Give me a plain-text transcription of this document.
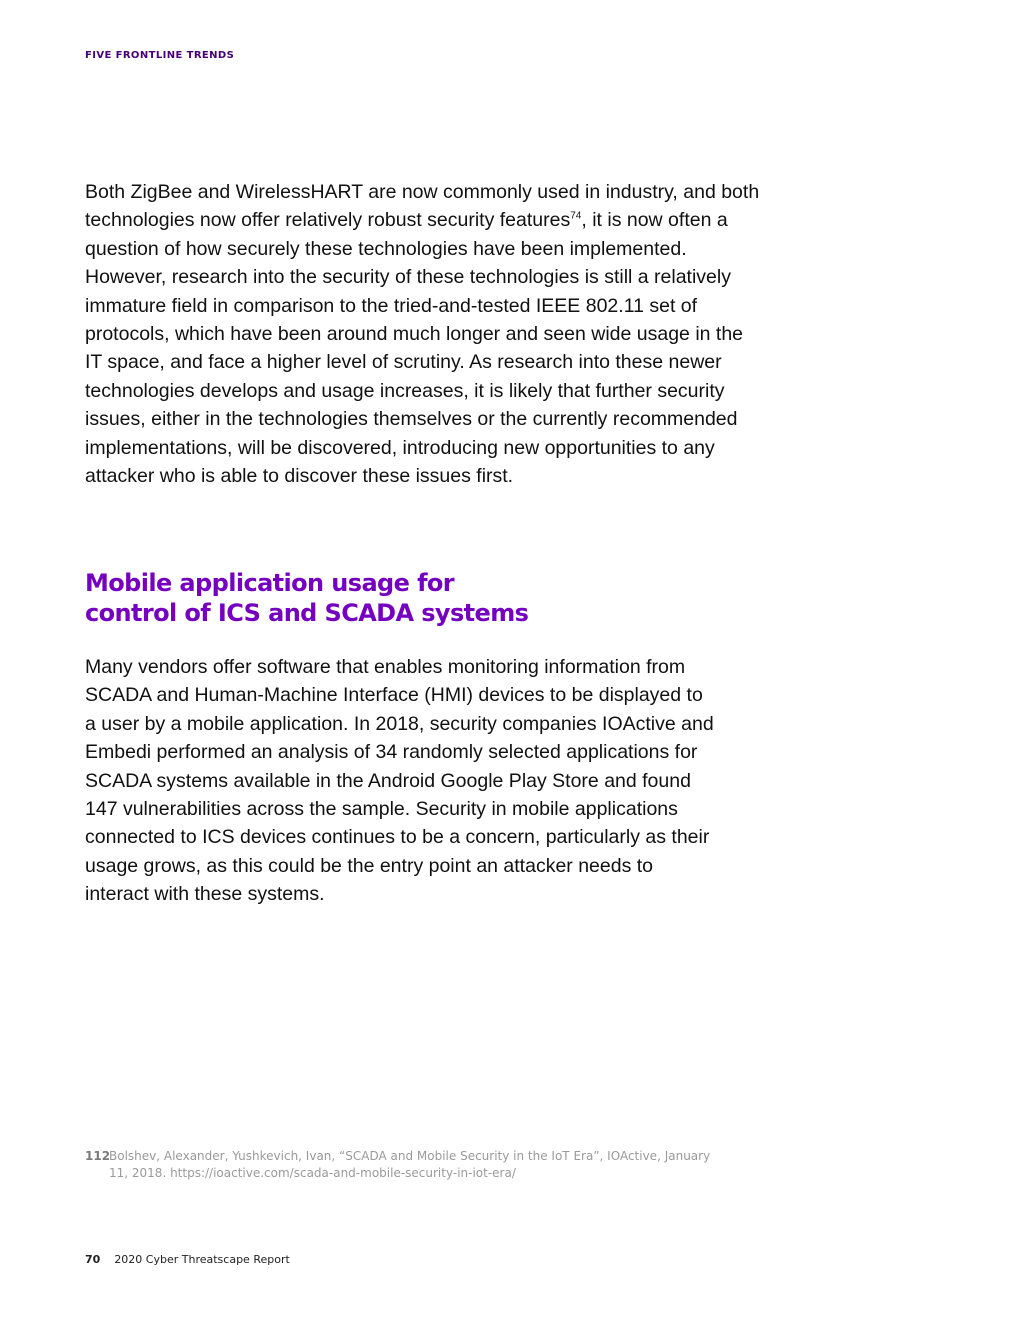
FIVE FRONTLINE TRENDS

Both ZigBee and WirelessHART are now commonly used in industry, and both technologies now offer relatively robust security features$^{74}$, it is now often a question of how securely these technologies have been implemented. However, research into the security of these technologies is still a relatively immature field in comparison to the tried-and-tested IEEE 802.11 set of protocols, which have been around much longer and seen wide usage in the IT space, and face a higher level of scrutiny. As research into these newer technologies develops and usage increases, it is likely that further security issues, either in the technologies themselves or the currently recommended implementations, will be discovered, introducing new opportunities to any attacker who is able to discover these issues first.

Mobile application usage for
control of ICS and SCADA systems

Many vendors offer software that enables monitoring information from SCADA and Human-Machine Interface (HMI) devices to be displayed to a user by a mobile application. In 2018, security companies IOActive and Embedi performed an analysis of 34 randomly selected applications for SCADA systems available in the Android Google Play Store and found 147 vulnerabilities across the sample. Security in mobile applications connected to ICS devices continues to be a concern, particularly as their usage grows, as this could be the entry point an attacker needs to interact with these systems.

112
Bolshev, Alexander, Yushkevich, Ivan, “SCADA and Mobile Security in the IoT Era”, IOActive, January 11, 2018. https://ioactive.com/scada-and-mobile-security-in-iot-era/
70 2020 Cyber Threatscape Report
